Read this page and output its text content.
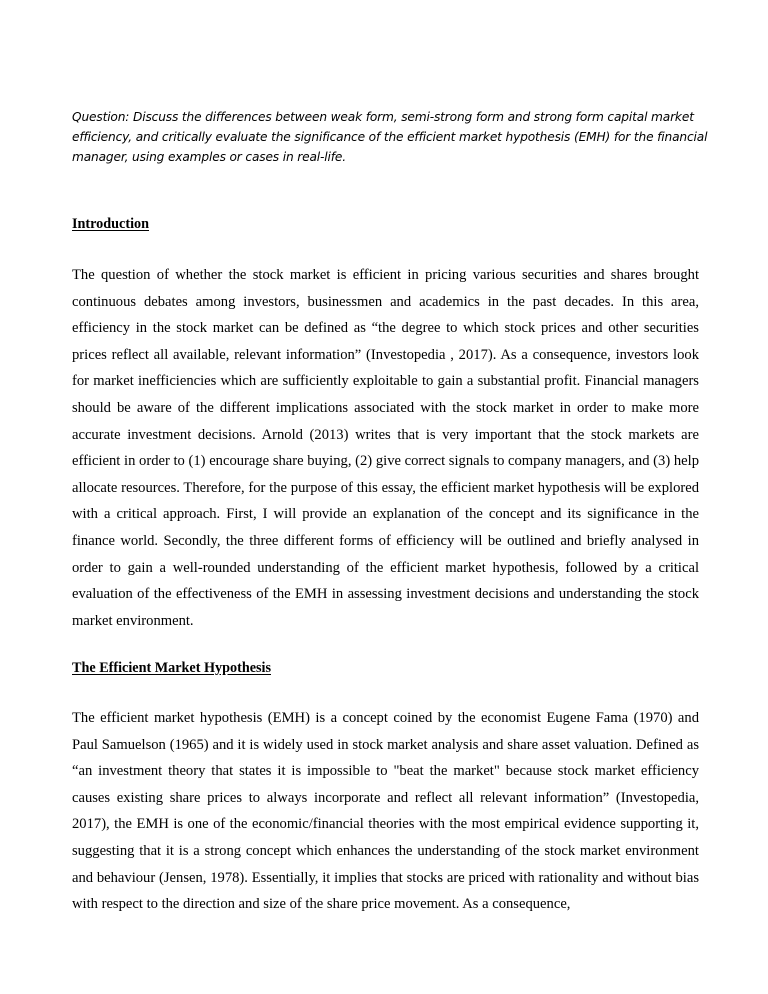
Question: Discuss the differences between weak form, semi-strong form and strong form capital market efficiency, and critically evaluate the significance of the efficient market hypothesis (EMH) for the financial manager, using examples or cases in real-life.

Introduction

The question of whether the stock market is efficient in pricing various securities and shares brought continuous debates among investors, businessmen and academics in the past decades. In this area, efficiency in the stock market can be defined as “the degree to which stock prices and other securities prices reflect all available, relevant information” (Investopedia , 2017). As a consequence, investors look for market inefficiencies which are sufficiently exploitable to gain a substantial profit. Financial managers should be aware of the different implications associated with the stock market in order to make more accurate investment decisions. Arnold (2013) writes that is very important that the stock markets are efficient in order to (1) encourage share buying, (2) give correct signals to company managers, and (3) help allocate resources. Therefore, for the purpose of this essay, the efficient market hypothesis will be explored with a critical approach. First, I will provide an explanation of the concept and its significance in the finance world. Secondly, the three different forms of efficiency will be outlined and briefly analysed in order to gain a well-rounded understanding of the efficient market hypothesis, followed by a critical evaluation of the effectiveness of the EMH in assessing investment decisions and understanding the stock market environment.

The Efficient Market Hypothesis

The efficient market hypothesis (EMH) is a concept coined by the economist Eugene Fama (1970) and Paul Samuelson (1965) and it is widely used in stock market analysis and share asset valuation. Defined as “an investment theory that states it is impossible to "beat the market" because stock market efficiency causes existing share prices to always incorporate and reflect all relevant information” (Investopedia, 2017), the EMH is one of the economic/financial theories with the most empirical evidence supporting it, suggesting that it is a strong concept which enhances the understanding of the stock market environment and behaviour (Jensen, 1978). Essentially, it implies that stocks are priced with rationality and without bias with respect to the direction and size of the share price movement. As a consequence,
